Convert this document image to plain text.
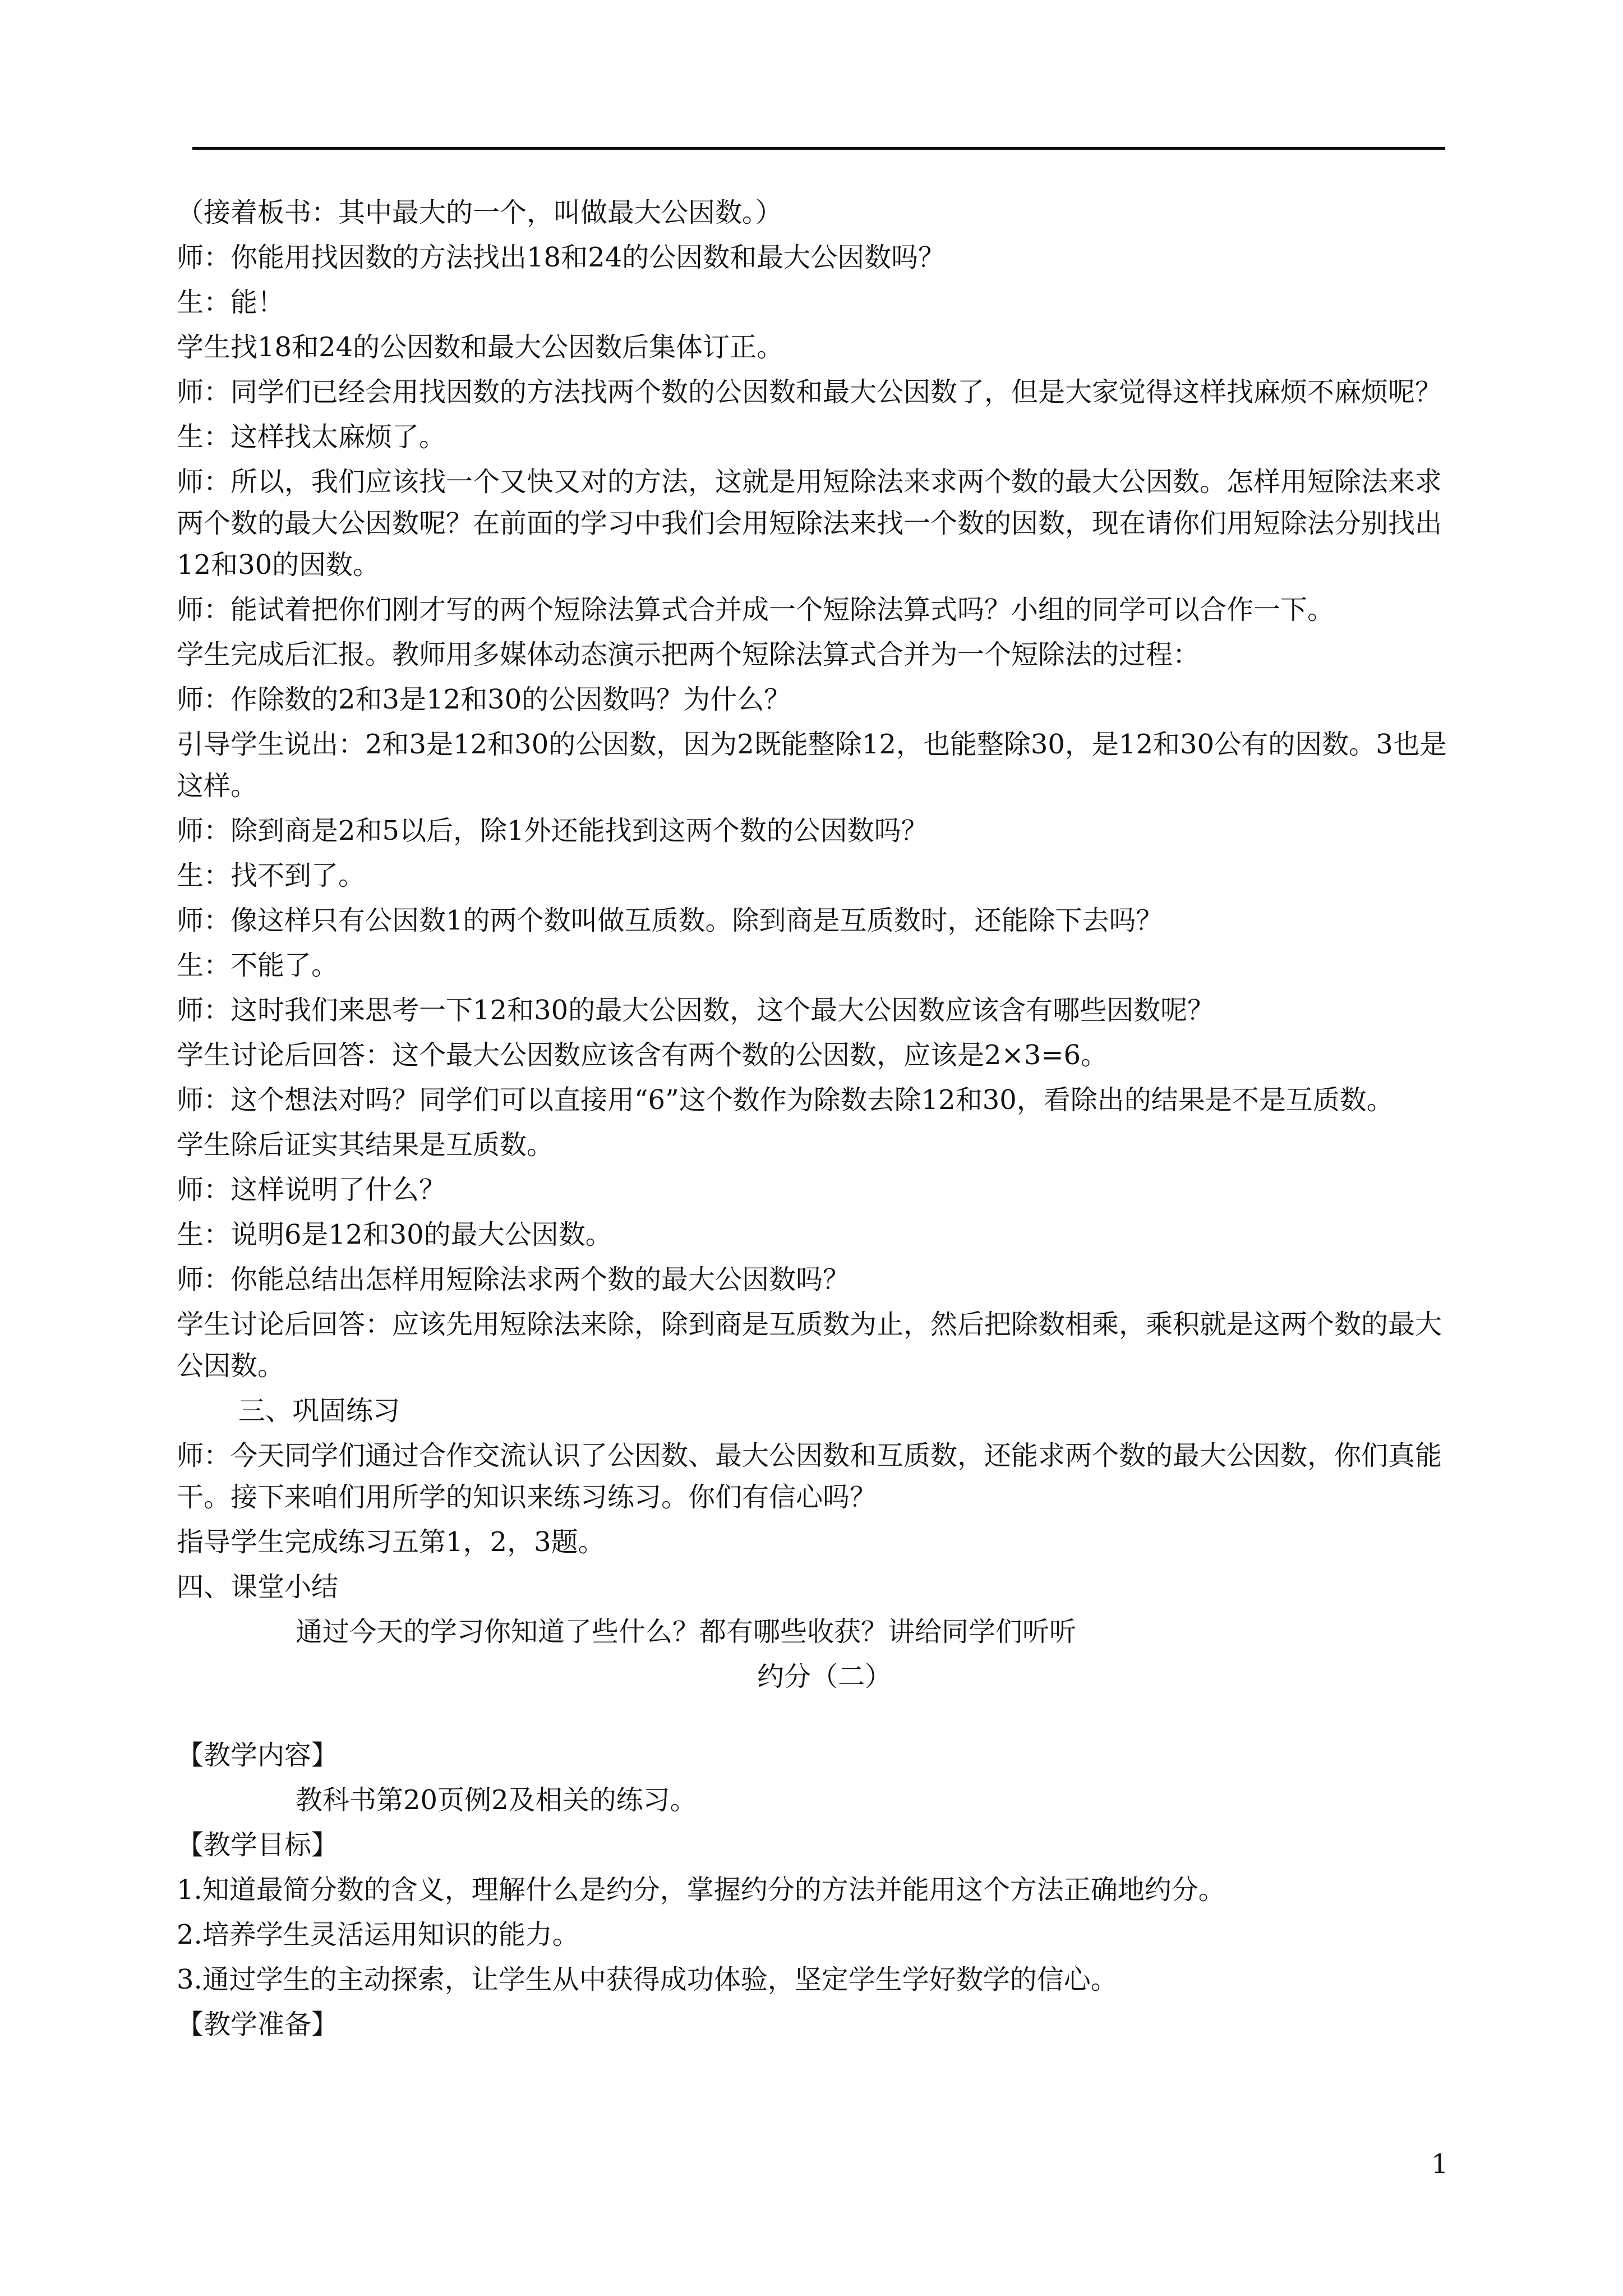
（接着板书：其中最大的一个，叫做最大公因数。）

师：你能用找因数的方法找出18和24的公因数和最大公因数吗？

生：能！

学生找18和24的公因数和最大公因数后集体订正。

师：同学们已经会用找因数的方法找两个数的公因数和最大公因数了，但是大家觉得这样找麻烦不麻烦呢？

生：这样找太麻烦了。

师：所以，我们应该找一个又快又对的方法，这就是用短除法来求两个数的最大公因数。怎样用短除法来求两个数的最大公因数呢？在前面的学习中我们会用短除法来找一个数的因数，现在请你们用短除法分别找出12和30的因数。

师：能试着把你们刚才写的两个短除法算式合并成一个短除法算式吗？小组的同学可以合作一下。

学生完成后汇报。教师用多媒体动态演示把两个短除法算式合并为一个短除法的过程：

师：作除数的2和3是12和30的公因数吗？为什么？

引导学生说出：2和3是12和30的公因数，因为2既能整除12，也能整除30，是12和30公有的因数。3也是这样。

师：除到商是2和5以后，除1外还能找到这两个数的公因数吗？

生：找不到了。

师：像这样只有公因数1的两个数叫做互质数。除到商是互质数时，还能除下去吗？

生：不能了。

师：这时我们来思考一下12和30的最大公因数，这个最大公因数应该含有哪些因数呢？

学生讨论后回答：这个最大公因数应该含有两个数的公因数，应该是2×3=6。

师：这个想法对吗？同学们可以直接用“6”这个数作为除数去除12和30，看除出的结果是不是互质数。

学生除后证实其结果是互质数。

师：这样说明了什么？

生：说明6是12和30的最大公因数。

师：你能总结出怎样用短除法求两个数的最大公因数吗？

学生讨论后回答：应该先用短除法来除，除到商是互质数为止，然后把除数相乘，乘积就是这两个数的最大公因数。

三、巩固练习

师：今天同学们通过合作交流认识了公因数、最大公因数和互质数，还能求两个数的最大公因数，你们真能干。接下来咱们用所学的知识来练习练习。你们有信心吗？

指导学生完成练习五第1，2，3题。

四、课堂小结

通过今天的学习你知道了些什么？都有哪些收获？讲给同学们听听

约分（二）

【教学内容】

教科书第20页例2及相关的练习。

【教学目标】

1.知道最简分数的含义，理解什么是约分，掌握约分的方法并能用这个方法正确地约分。

2.培养学生灵活运用知识的能力。

3.通过学生的主动探索，让学生从中获得成功体验，坚定学生学好数学的信心。

【教学准备】

1
